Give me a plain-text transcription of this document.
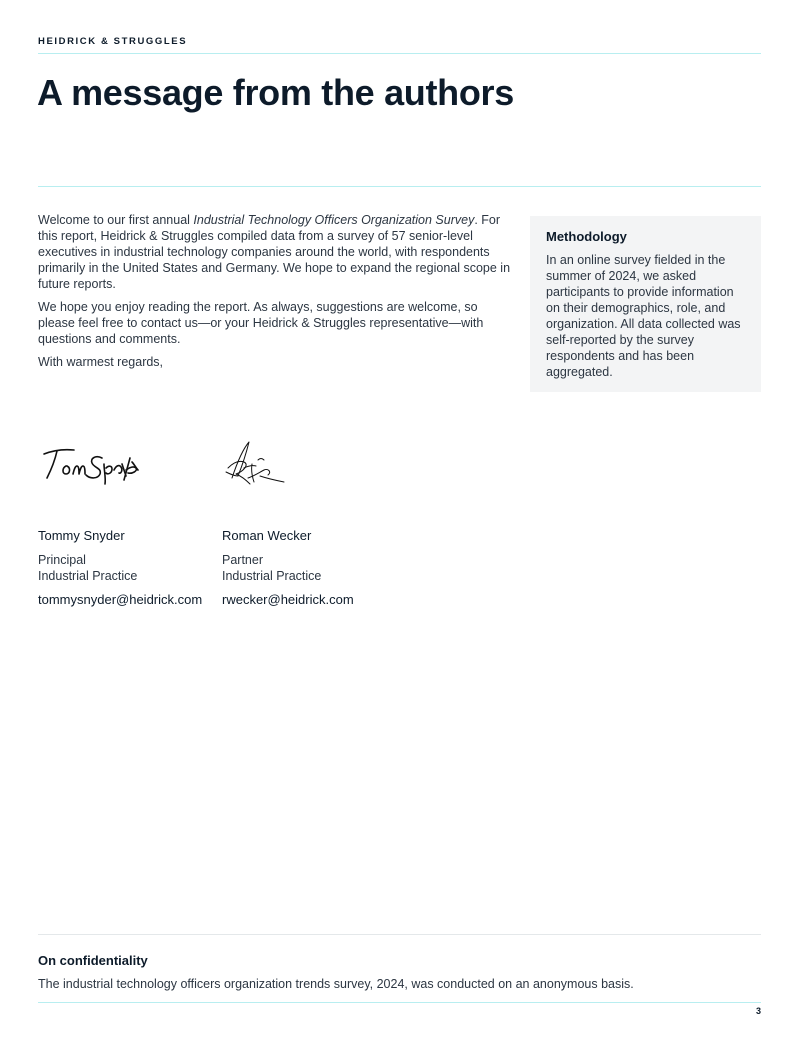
HEIDRICK & STRUGGLES
A message from the authors

Welcome to our first annual Industrial Technology Officers Organization Survey. For this report, Heidrick & Struggles compiled data from a survey of 57 senior-level executives in industrial technology companies around the world, with respondents primarily in the United States and Germany. We hope to expand the regional scope in future reports.

We hope you enjoy reading the report. As always, suggestions are welcome, so please feel free to contact us—or your Heidrick & Struggles representative—with questions and comments.

With warmest regards,

Methodology

In an online survey fielded in the summer of 2024, we asked participants to provide information on their demographics, role, and organization. All data collected was self-reported by the survey respondents and has been aggregated.

Tommy Snyder
Principal
Industrial Practice
tommysnyder@heidrick.com
Roman Wecker
Partner
Industrial Practice
rwecker@heidrick.com
On confidentiality
The industrial technology officers organization trends survey, 2024, was conducted on an anonymous basis.
3
